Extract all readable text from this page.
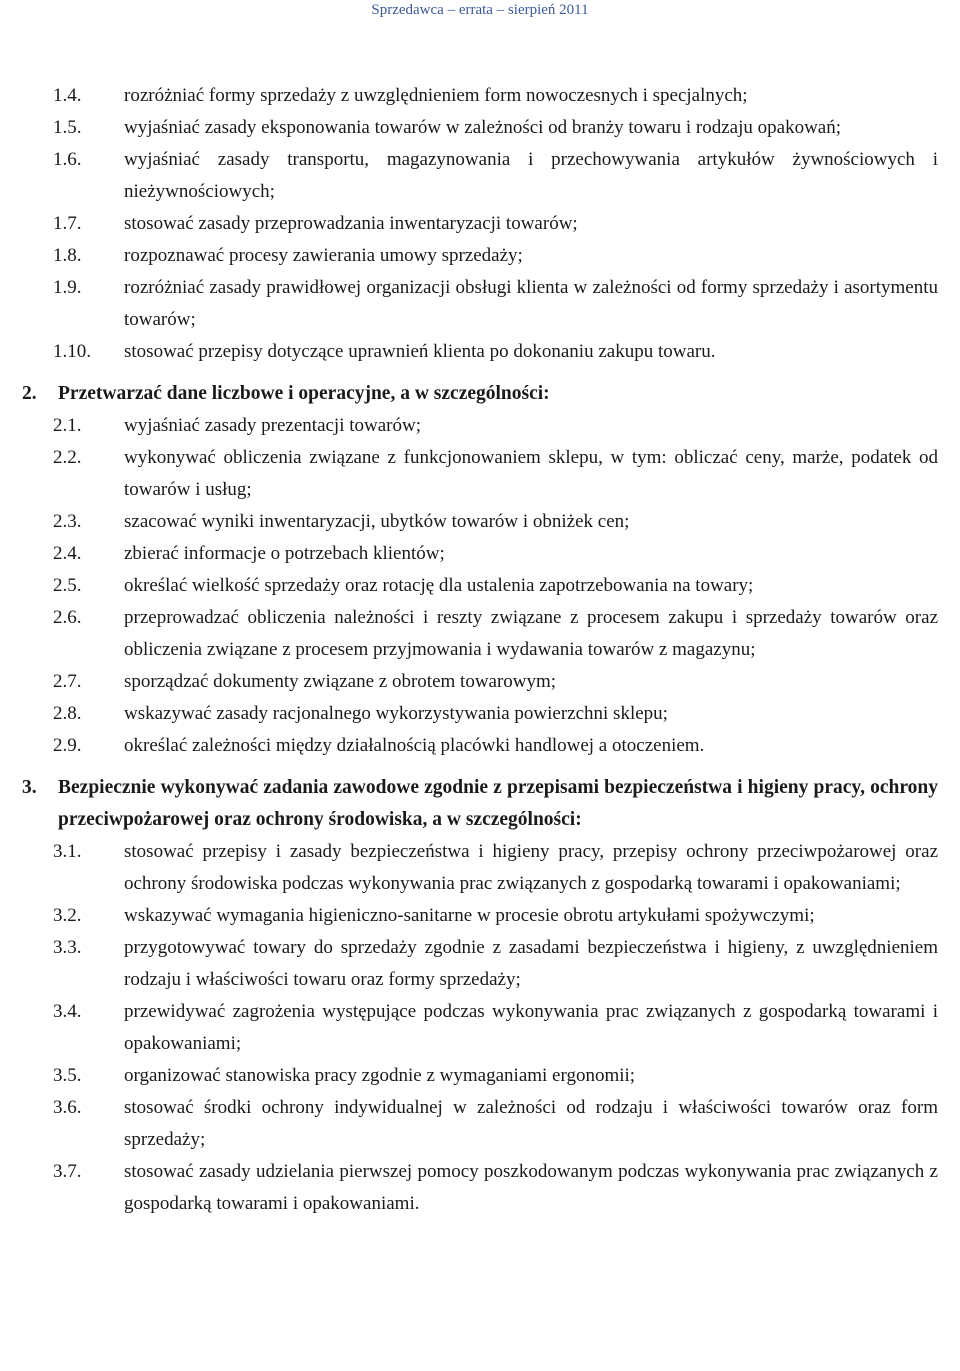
Sprzedawca – errata – sierpień 2011
1.4. rozróżniać formy sprzedaży z uwzględnieniem form nowoczesnych i specjalnych;
1.5. wyjaśniać zasady eksponowania towarów w zależności od branży towaru i rodzaju opakowań;
1.6. wyjaśniać zasady transportu, magazynowania i przechowywania artykułów żywnościowych i nieżywnościowych;
1.7. stosować zasady przeprowadzania inwentaryzacji towarów;
1.8. rozpoznawać procesy zawierania umowy sprzedaży;
1.9. rozróżniać zasady prawidłowej organizacji obsługi klienta w zależności od formy sprzedaży i asortymentu towarów;
1.10. stosować przepisy dotyczące uprawnień klienta po dokonaniu zakupu towaru.
2. Przetwarzać dane liczbowe i operacyjne, a w szczególności:
2.1. wyjaśniać zasady prezentacji towarów;
2.2. wykonywać obliczenia związane z funkcjonowaniem sklepu, w tym: obliczać ceny, marże, podatek od towarów i usług;
2.3. szacować wyniki inwentaryzacji, ubytków towarów i obniżek cen;
2.4. zbierać informacje o potrzebach klientów;
2.5. określać wielkość sprzedaży oraz rotację dla ustalenia zapotrzebowania na towary;
2.6. przeprowadzać obliczenia należności i reszty związane z procesem zakupu i sprzedaży towarów oraz obliczenia związane z procesem przyjmowania i wydawania towarów z magazynu;
2.7. sporządzać dokumenty związane z obrotem towarowym;
2.8. wskazywać zasady racjonalnego wykorzystywania powierzchni sklepu;
2.9. określać zależności między działalnością placówki handlowej a otoczeniem.
3. Bezpiecznie wykonywać zadania zawodowe zgodnie z przepisami bezpieczeństwa i higieny pracy, ochrony przeciwpożarowej oraz ochrony środowiska, a w szczególności:
3.1. stosować przepisy i zasady bezpieczeństwa i higieny pracy, przepisy ochrony przeciwpożarowej oraz ochrony środowiska podczas wykonywania prac związanych z gospodarką towarami i opakowaniami;
3.2. wskazywać wymagania higieniczno-sanitarne w procesie obrotu artykułami spożywczymi;
3.3. przygotowywać towary do sprzedaży zgodnie z zasadami bezpieczeństwa i higieny, z uwzględnieniem rodzaju i właściwości towaru oraz formy sprzedaży;
3.4. przewidywać zagrożenia występujące podczas wykonywania prac związanych z gospodarką towarami i opakowaniami;
3.5. organizować stanowiska pracy zgodnie z wymaganiami ergonomii;
3.6. stosować środki ochrony indywidualnej w zależności od rodzaju i właściwości towarów oraz form sprzedaży;
3.7. stosować zasady udzielania pierwszej pomocy poszkodowanym podczas wykonywania prac związanych z gospodarką towarami i opakowaniami.
